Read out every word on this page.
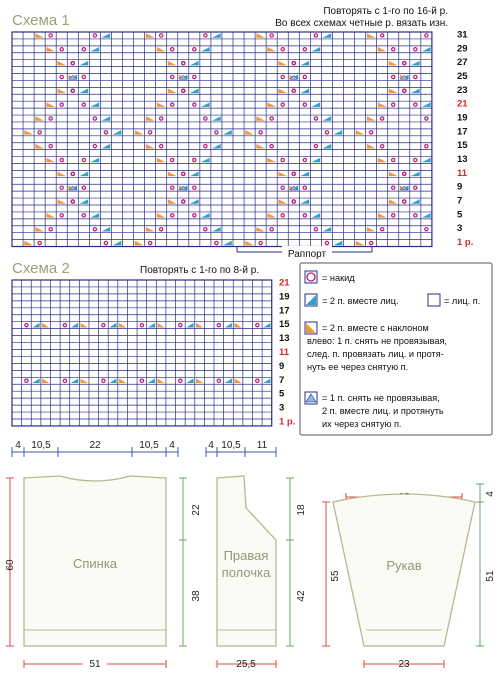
Схема 1
Повторять с 1-го по 16-й р.
Во всех схемах четные р. вязать изн.
31
29
27
25
23
21
19
17
15
13
11
9
7
5
3
1 р.
Раппорт
Схема 2	Повторять с 1-го по 8-й р.
21
19
17
15
13
11
9
7
5
3
1 р.
= накид
= 2 п. вместе лиц.	= лиц. п.
= 2 п. вместе с наклоном
влево: 1 п. снять не провязывая,
след. п. провязать лиц. и протя-
нуть ее через снятую п.
= 1 п. снять не провязывая,
2 п. вместе лиц. и протянуть
их через снятую п.
4 10,5	22	10,5 4
Спинка
60
22
38
51
4 10,5 11
Правая
полочка
18
42
25,5
Рукав
55
4
51
23
